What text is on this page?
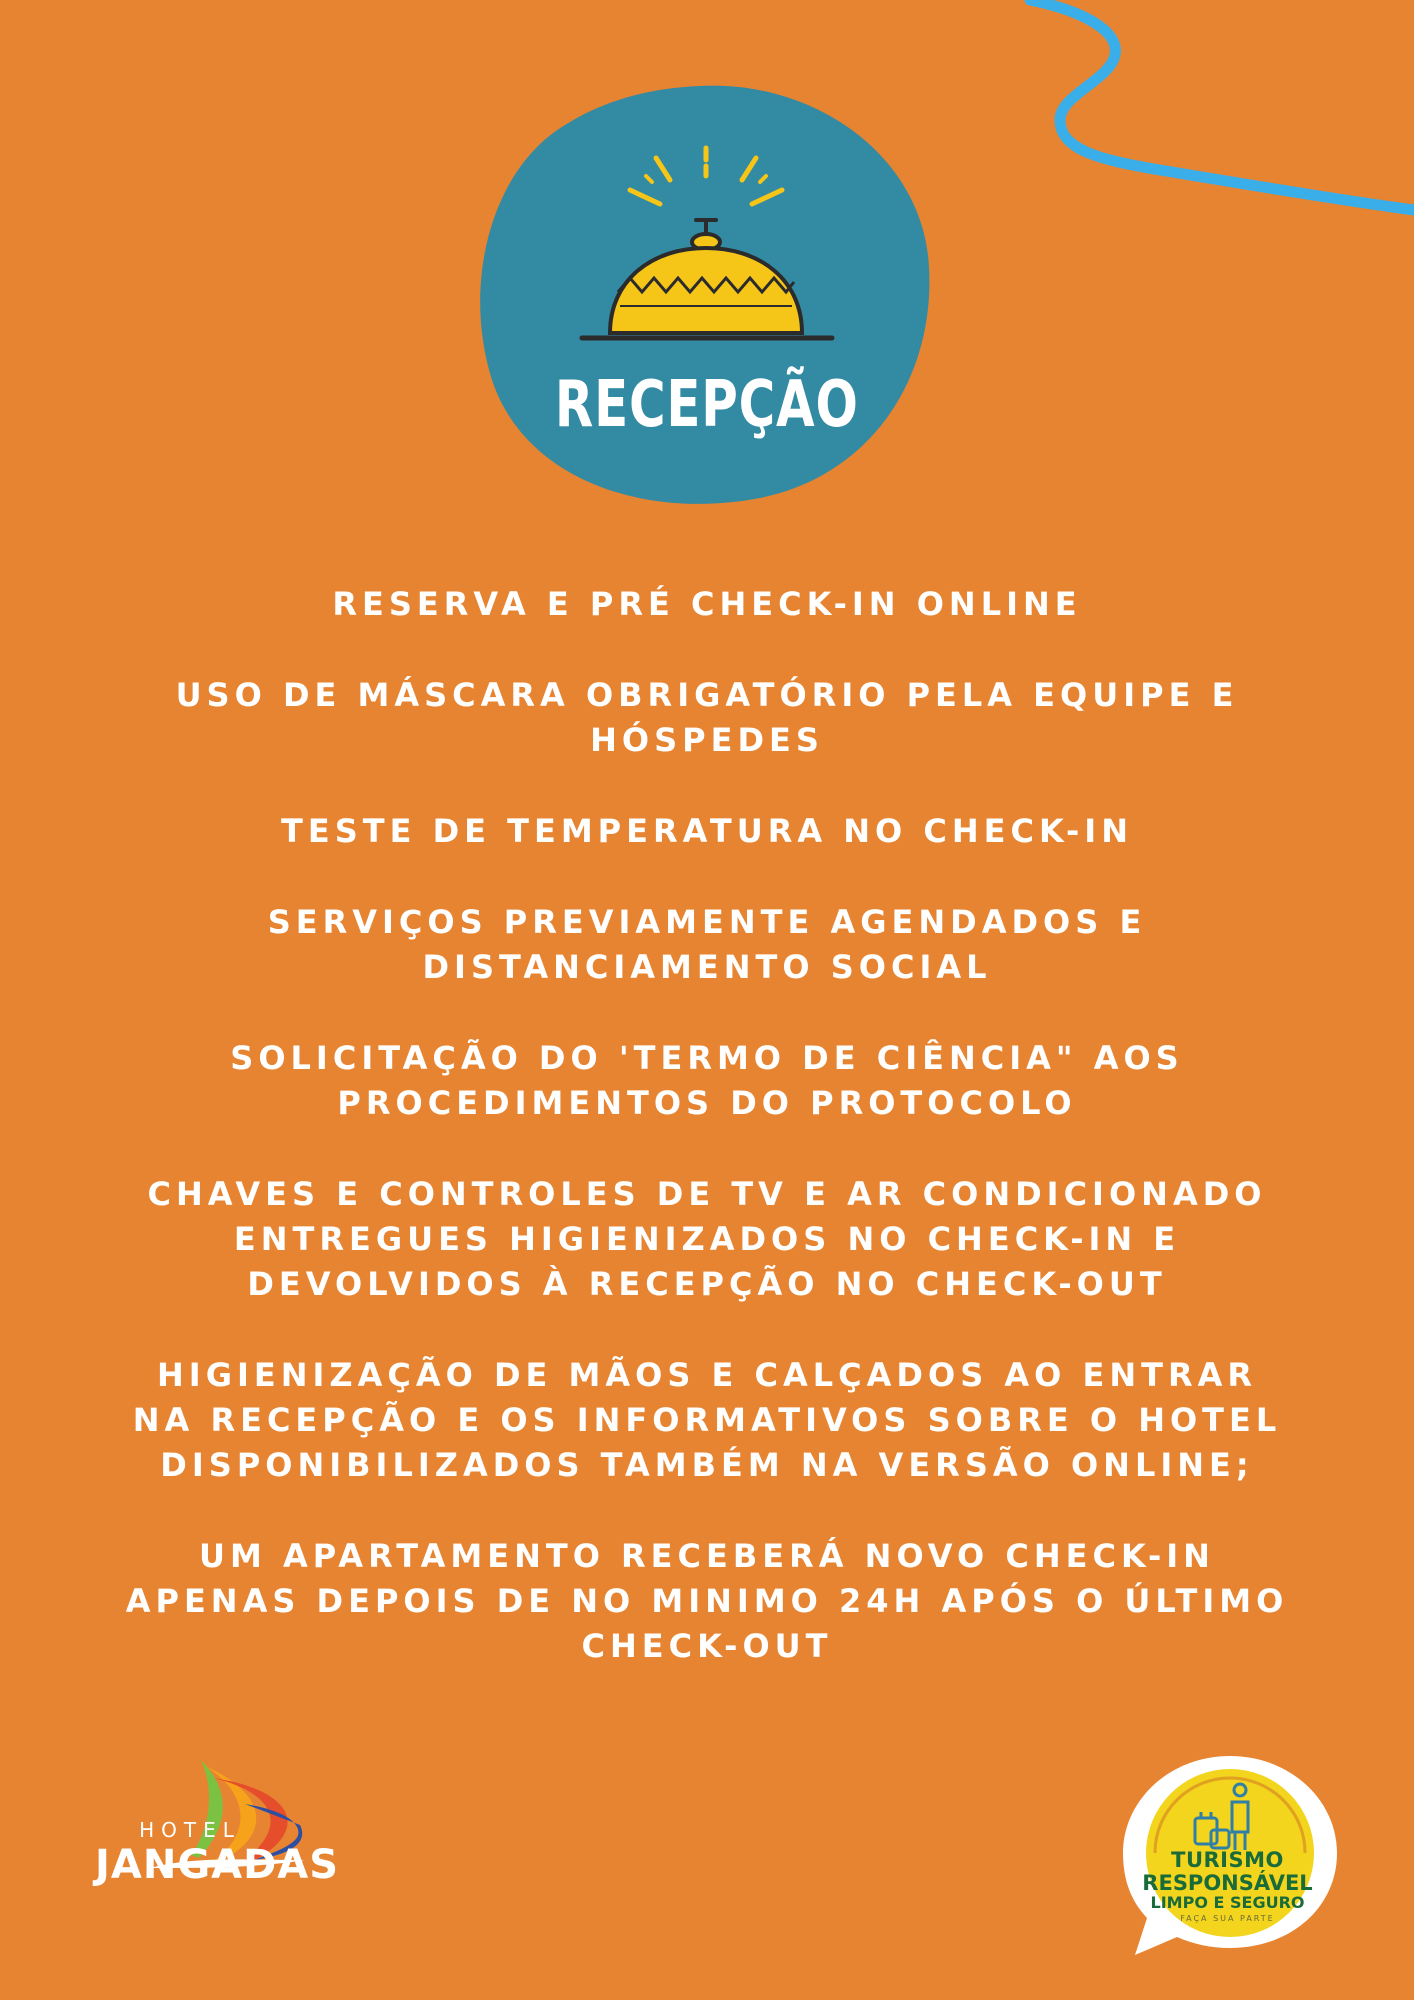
RECEPÇÃO

RESERVA E PRÉ CHECK-IN ONLINE

USO DE MÁSCARA OBRIGATÓRIO PELA EQUIPE E HÓSPEDES

TESTE DE TEMPERATURA NO CHECK-IN

SERVIÇOS PREVIAMENTE AGENDADOS E DISTANCIAMENTO SOCIAL

SOLICITAÇÃO DO 'TERMO DE CIÊNCIA" AOS PROCEDIMENTOS DO PROTOCOLO

CHAVES E CONTROLES DE TV E AR CONDICIONADO ENTREGUES HIGIENIZADOS NO CHECK-IN E DEVOLVIDOS À RECEPÇÃO NO CHECK-OUT

HIGIENIZAÇÃO DE MÃOS E CALÇADOS AO ENTRAR NA RECEPÇÃO E OS INFORMATIVOS SOBRE O HOTEL DISPONIBILIZADOS TAMBÉM NA VERSÃO ONLINE;

UM APARTAMENTO RECEBERÁ NOVO CHECK-IN APENAS DEPOIS DE NO MINIMO 24H APÓS O ÚLTIMO CHECK-OUT

HOTEL
JANGADAS	TURISMO
RESPONSÁVEL
LIMPO E SEGURO
FAÇA SUA PARTE
